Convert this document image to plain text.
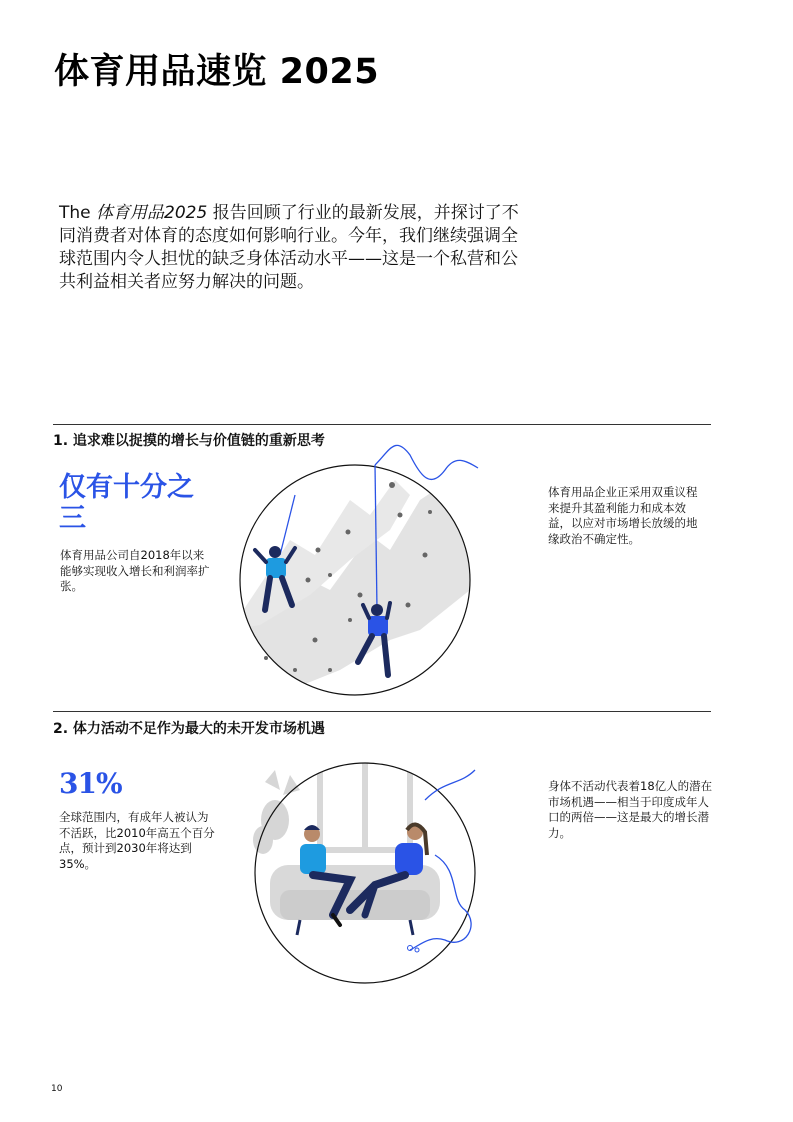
体育用品速览 2025
The 体育用品2025 报告回顾了行业的最新发展，并探讨了不同消费者对体育的态度如何影响行业。今年，我们继续强调全球范围内令人担忧的缺乏身体活动水平——这是一个私营和公共利益相关者应努力解决的问题。
1. 追求难以捉摸的增长与价值链的重新思考
仅有十分之三
体育用品公司自2018年以来能够实现收入增长和利润率扩张。
体育用品企业正采用双重议程来提升其盈利能力和成本效益，以应对市场增长放缓的地缘政治不确定性。
2. 体力活动不足作为最大的未开发市场机遇
31%
全球范围内，有成年人被认为不活跃，比2010年高五个百分点，预计到2030年将达到35%。
身体不活动代表着18亿人的潜在市场机遇——相当于印度成年人口的两倍——这是最大的增长潜力。
10
